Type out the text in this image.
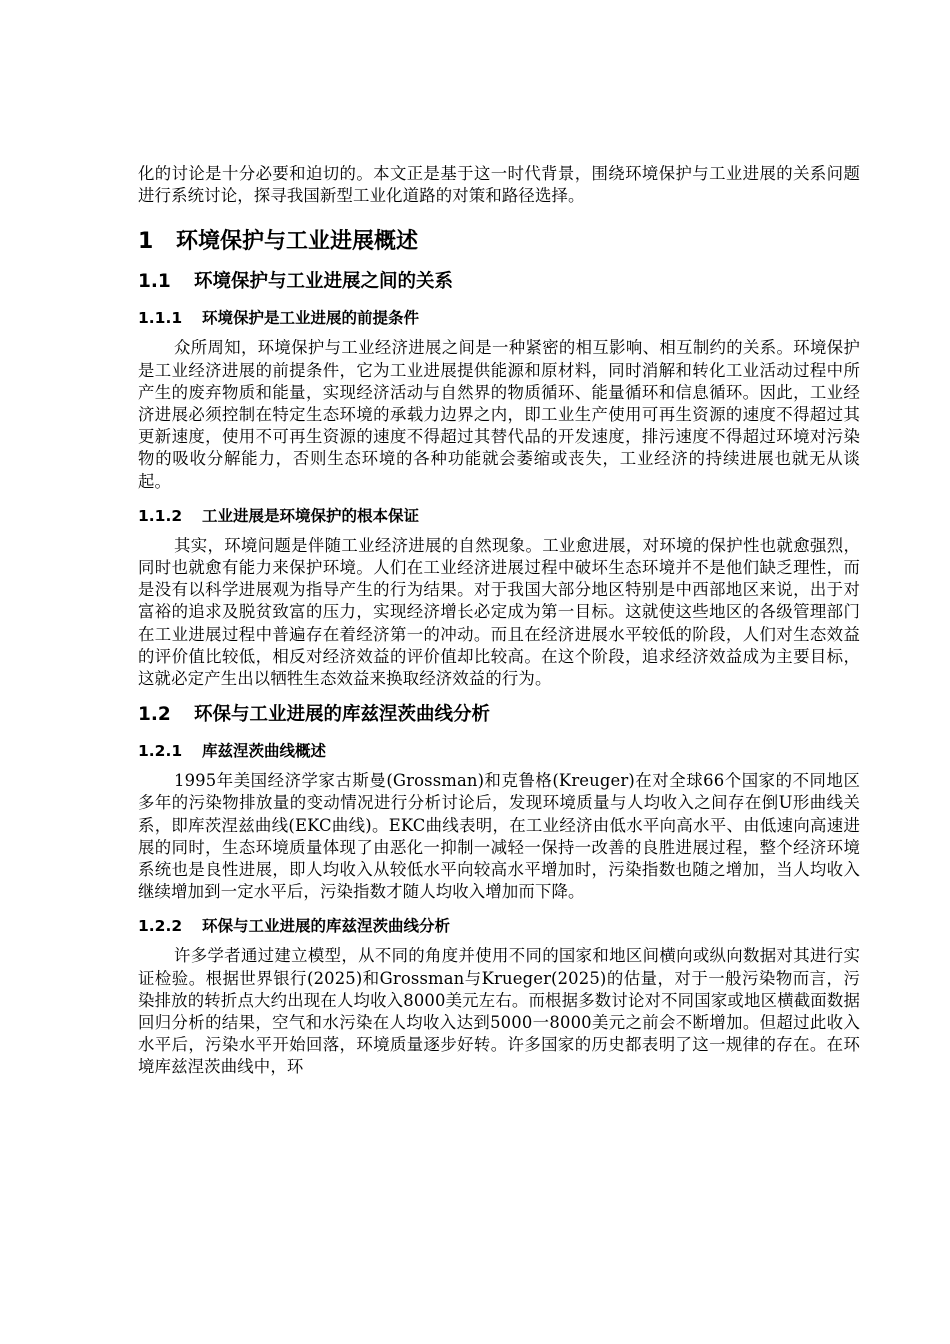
化的讨论是十分必要和迫切的。本文正是基于这一时代背景，围绕环境保护与工业进展的关系问题进行系统讨论，探寻我国新型工业化道路的对策和路径选择。

1 环境保护与工业进展概述
1.1 环境保护与工业进展之间的关系
1.1.1 环境保护是工业进展的前提条件

众所周知，环境保护与工业经济进展之间是一种紧密的相互影响、相互制约的关系。环境保护是工业经济进展的前提条件，它为工业进展提供能源和原材料，同时消解和转化工业活动过程中所产生的废弃物质和能量，实现经济活动与自然界的物质循环、能量循环和信息循环。因此，工业经济进展必须控制在特定生态环境的承载力边界之内，即工业生产使用可再生资源的速度不得超过其更新速度，使用不可再生资源的速度不得超过其替代品的开发速度，排污速度不得超过环境对污染物的吸收分解能力，否则生态环境的各种功能就会萎缩或丧失，工业经济的持续进展也就无从谈起。

1.1.2 工业进展是环境保护的根本保证

其实，环境问题是伴随工业经济进展的自然现象。工业愈进展，对环境的保护性也就愈强烈，同时也就愈有能力来保护环境。人们在工业经济进展过程中破坏生态环境并不是他们缺乏理性，而是没有以科学进展观为指导产生的行为结果。对于我国大部分地区特别是中西部地区来说，出于对富裕的追求及脱贫致富的压力，实现经济增长必定成为第一目标。这就使这些地区的各级管理部门在工业进展过程中普遍存在着经济第一的冲动。而且在经济进展水平较低的阶段，人们对生态效益的评价值比较低，相反对经济效益的评价值却比较高。在这个阶段，追求经济效益成为主要目标，这就必定产生出以牺牲生态效益来换取经济效益的行为。

1.2 环保与工业进展的库兹涅茨曲线分析
1.2.1 库兹涅茨曲线概述

1995年美国经济学家古斯曼(Grossman)和克鲁格(Kreuger)在对全球66个国家的不同地区多年的污染物排放量的变动情况进行分析讨论后，发现环境质量与人均收入之间存在倒U形曲线关系，即库茨涅兹曲线(EKC曲线)。EKC曲线表明，在工业经济由低水平向高水平、由低速向高速进展的同时，生态环境质量体现了由恶化一抑制一减轻一保持一改善的良胜进展过程，整个经济环境系统也是良性进展，即人均收入从较低水平向较高水平增加时，污染指数也随之增加，当人均收入继续增加到一定水平后，污染指数才随人均收入增加而下降。

1.2.2 环保与工业进展的库兹涅茨曲线分析

许多学者通过建立模型，从不同的角度并使用不同的国家和地区间横向或纵向数据对其进行实证检验。根据世界银行(2025)和Grossman与Krueger(2025)的估量，对于一般污染物而言，污染排放的转折点大约出现在人均收入8000美元左右。而根据多数讨论对不同国家或地区横截面数据回归分析的结果，空气和水污染在人均收入达到5000一8000美元之前会不断增加。但超过此收入水平后，污染水平开始回落，环境质量逐步好转。许多国家的历史都表明了这一规律的存在。在环境库兹涅茨曲线中，环
